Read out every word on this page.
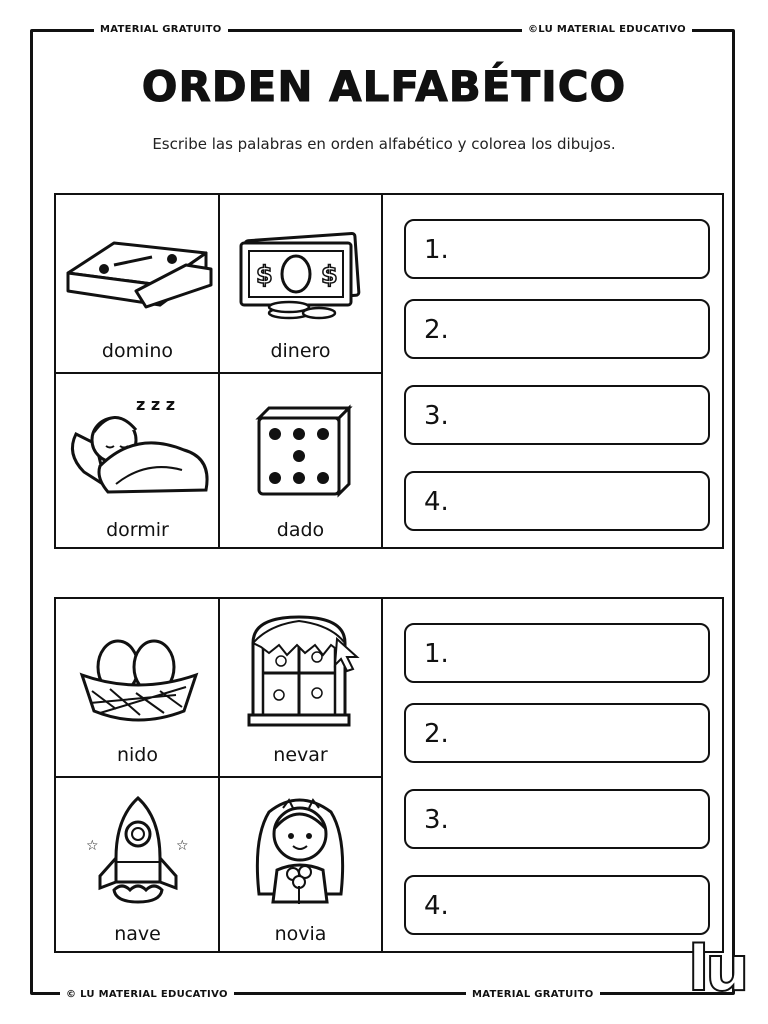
MATERIAL GRATUITO	©LU MATERIAL EDUCATIVO
© LU MATERIAL EDUCATIVO	MATERIAL GRATUITO
ORDEN ALFABÉTICO
Escribe las palabras en orden alfabético y colorea los dibujos.
domino
$ $
dinero
z z z
dormir	dado
1.
2.
3.
4.
nido	nevar
☆	☆
nave	novia
1.
2.
3.
4.
lu
